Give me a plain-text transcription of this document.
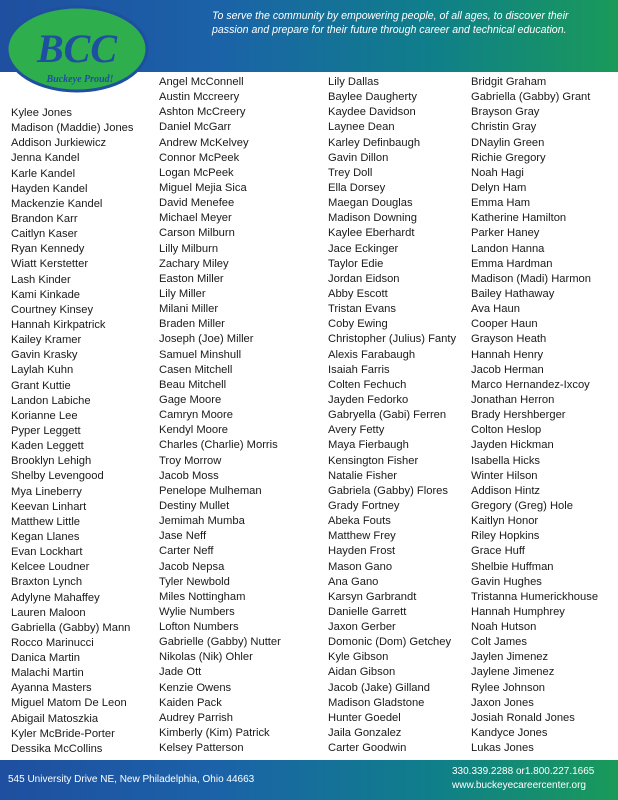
To serve the community by empowering people, of all ages, to discover their passion and prepare for their future through career and technical education.
BCC
Buckeye Proud!
Kylee Jones
Madison (Maddie) Jones
Addison Jurkiewicz
Jenna Kandel
Karle Kandel
Hayden Kandel
Mackenzie Kandel
Brandon Karr
Caitlyn Kaser
Ryan Kennedy
Wiatt Kerstetter
Lash Kinder
Kami Kinkade
Courtney Kinsey
Hannah Kirkpatrick
Kailey Kramer
Gavin Krasky
Laylah Kuhn
Grant Kuttie
Landon Labiche
Korianne Lee
Pyper Leggett
Kaden Leggett
Brooklyn Lehigh
Shelby Levengood
Mya Lineberry
Keevan Linhart
Matthew Little
Kegan Llanes
Evan Lockhart
Kelcee Loudner
Braxton Lynch
Adylyne Mahaffey
Lauren Maloon
Gabriella (Gabby) Mann
Rocco Marinucci
Danica Martin
Malachi Martin
Ayanna Masters
Miguel Matom De Leon
Abigail Matoszkia
Kyler McBride-Porter
Dessika McCollins
Angel McConnell
Austin Mccreery
Ashton McCreery
Daniel McGarr
Andrew McKelvey
Connor McPeek
Logan McPeek
Miguel Mejia Sica
David Menefee
Michael Meyer
Carson Milburn
Lilly Milburn
Zachary Miley
Easton Miller
Lily Miller
Milani Miller
Braden Miller
Joseph (Joe) Miller
Samuel Minshull
Casen Mitchell
Beau Mitchell
Gage Moore
Camryn Moore
Kendyl Moore
Charles (Charlie) Morris
Troy Morrow
Jacob Moss
Penelope Mulheman
Destiny Mullet
Jemimah Mumba
Jase Neff
Carter Neff
Jacob Nepsa
Tyler Newbold
Miles Nottingham
Wylie Numbers
Lofton Numbers
Gabrielle (Gabby) Nutter
Nikolas (Nik) Ohler
Jade Ott
Kenzie Owens
Kaiden Pack
Audrey Parrish
Kimberly (Kim) Patrick
Kelsey Patterson
Lily Dallas
Baylee Daugherty
Kaydee Davidson
Laynee Dean
Karley Definbaugh
Gavin Dillon
Trey Doll
Ella Dorsey
Maegan Douglas
Madison Downing
Kaylee Eberhardt
Jace Eckinger
Taylor Edie
Jordan Eidson
Abby Escott
Tristan Evans
Coby Ewing
Christopher (Julius) Fanty
Alexis Farabaugh
Isaiah Farris
Colten Fechuch
Jayden Fedorko
Gabryella (Gabi) Ferren
Avery Fetty
Maya Fierbaugh
Kensington Fisher
Natalie Fisher
Gabriela (Gabby) Flores
Grady Fortney
Abeka Fouts
Matthew Frey
Hayden Frost
Mason Gano
Ana Gano
Karsyn Garbrandt
Danielle Garrett
Jaxon Gerber
Domonic (Dom) Getchey
Kyle Gibson
Aidan Gibson
Jacob (Jake) Gilland
Madison Gladstone
Hunter Goedel
Jaila Gonzalez
Carter Goodwin
Bridgit Graham
Gabriella (Gabby) Grant
Brayson Gray
Christin Gray
DNaylin Green
Richie Gregory
Noah Hagi
Delyn Ham
Emma Ham
Katherine Hamilton
Parker Haney
Landon Hanna
Emma Hardman
Madison (Madi) Harmon
Bailey Hathaway
Ava Haun
Cooper Haun
Grayson Heath
Hannah Henry
Jacob Herman
Marco Hernandez-Ixcoy
Jonathan Herron
Brady Hershberger
Colton Heslop
Jayden Hickman
Isabella Hicks
Winter Hilson
Addison Hintz
Gregory (Greg) Hole
Kaitlyn Honor
Riley Hopkins
Grace Huff
Shelbie Huffman
Gavin Hughes
Tristanna Humerickhouse
Hannah Humphrey
Noah Hutson
Colt James
Jaylen Jimenez
Jaylene Jimenez
Rylee Johnson
Jaxon Jones
Josiah Ronald Jones
Kandyce Jones
Lukas Jones
545 University Drive NE, New Philadelphia, Ohio 44663
330.339.2288 or1.800.227.1665
www.buckeyecareercenter.org
